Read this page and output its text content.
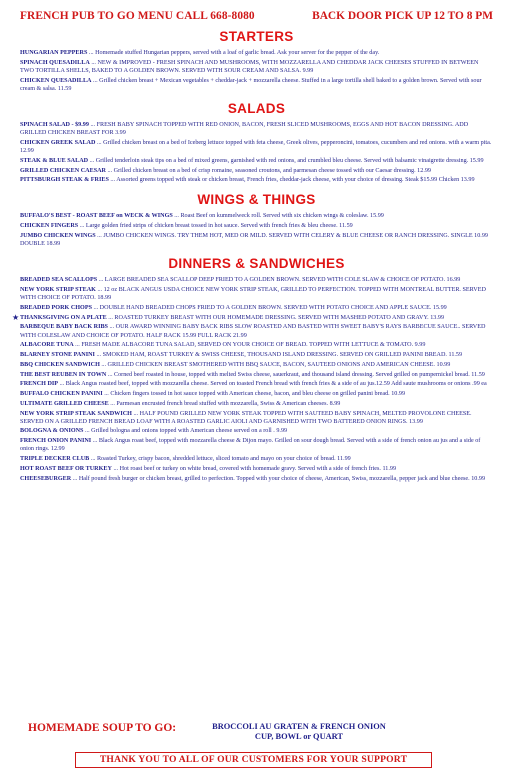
FRENCH PUB TO GO MENU CALL 668-8080	BACK DOOR PICK UP 12 TO 8 PM
STARTERS
HUNGARIAN PEPPERS ... Homemade stuffed Hungarian peppers, served with a loaf of garlic bread. Ask your server for the pepper of the day.
SPINACH QUESADILLA ... NEW & IMPROVED - FRESH SPINACH AND MUSHROOMS, WITH MOZZARELLA AND CHEDDAR JACK CHEESES STUFFED IN BETWEEN TWO TORTILLA SHELLS, BAKED TO A GOLDEN BROWN. SERVED WITH SOUR CREAM AND SALSA. 9.99
CHICKEN QUESADILLA ... Grilled chicken breast + Mexican vegetables + cheddar-jack + mozzarella cheese. Stuffed in a large tortilla shell baked to a golden brown. Served with sour cream & salsa. 11.59
SALADS
SPINACH SALAD - $9.99 ... FRESH BABY SPINACH TOPPED WITH RED ONION, BACON, FRESH SLICED MUSHROOMS, EGGS AND HOT BACON DRESSING. ADD GRILLED CHICKEN BREAST FOR 3.99
CHICKEN GREEK SALAD ... Grilled chicken breast on a bed of Iceberg lettuce topped with feta cheese, Greek olives, pepperoncini, tomatoes, cucumbers and red onions. with a warm pita. 12.99
STEAK & BLUE SALAD ... Grilled tenderloin steak tips on a bed of mixed greens, garnished with red onions, and crumbled bleu cheese. Served with balsamic vinaigrette dressing. 15.99
GRILLED CHICKEN CAESAR ... Grilled chicken breast on a bed of crisp romaine, seasoned croutons, and parmesan cheese tossed with our Caesar dressing. 12.99
PITTSBURGH STEAK & FRIES ... Assorted greens topped with steak or chicken breast, French fries, cheddar-jack cheese, with your choice of dressing. Steak $15.99 Chicken 13.99
WINGS & THINGS
BUFFALO'S BEST - ROAST BEEF on WECK & WINGS ... Roast Beef on kummelweck roll. Served with six chicken wings & coleslaw. 15.99
CHICKEN FINGERS ... Large golden fried strips of chicken breast tossed in hot sauce. Served with french fries & bleu cheese. 11.59
JUMBO CHICKEN WINGS ... JUMBO CHICKEN WINGS. TRY THEM HOT, MED OR MILD. SERVED WITH CELERY & BLUE CHEESE OR RANCH DRESSING. SINGLE 10.99 DOUBLE 18.99
DINNERS & SANDWICHES
BREADED SEA SCALLOPS ... LARGE BREADED SEA SCALLOP DEEP FRIED TO A GOLDEN BROWN. SERVED WITH COLE SLAW & CHOICE OF POTATO. 16.99
NEW YORK STRIP STEAK ... 12 oz BLACK ANGUS USDA CHOICE NEW YORK STRIP STEAK, GRILLED TO PERFECTION. TOPPED WITH MONTREAL BUTTER. SERVED WITH CHOICE OF POTATO. 18.99
BREADED PORK CHOPS ... DOUBLE HAND BREADED CHOPS FRIED TO A GOLDEN BROWN. SERVED WITH POTATO CHOICE AND APPLE SAUCE. 15.99
★ THANKSGIVING ON A PLATE ... ROASTED TURKEY BREAST WITH OUR HOMEMADE DRESSING. SERVED WITH MASHED POTATO AND GRAVY. 13.99
BARBEQUE BABY BACK RIBS ... OUR AWARD WINNING BABY BACK RIBS SLOW ROASTED AND BASTED WITH SWEET BABY'S RAYS BARBECUE SAUCE.. SERVED WITH COLESLAW AND CHOICE OF POTATO. HALF RACK 15.99 FULL RACK 21.99
ALBACORE TUNA ... FRESH MADE ALBACORE TUNA SALAD, SERVED ON YOUR CHOICE OF BREAD. TOPPED WITH LETTUCE & TOMATO. 9.99
BLARNEY STONE PANINI ... SMOKED HAM, ROAST TURKEY & SWISS CHEESE, THOUSAND ISLAND DRESSING. SERVED ON GRILLED PANINI BREAD. 11.59
BBQ CHICKEN SANDWICH ... GRILLED CHICKEN BREAST SMOTHERED WITH BBQ SAUCE, BACON, SAUTEED ONIONS AND AMERICAN CHEESE. 10.99
THE BEST REUBEN IN TOWN ... Corned beef roasted in house, topped with melted Swiss cheese, sauerkraut, and thousand island dressing. Served grilled on pumpernickel bread. 11.59
FRENCH DIP ... Black Angus roasted beef, topped with mozzarella cheese. Served on toasted French bread with french fries & a side of au jus.12.59 Add saute mushrooms or onions .99 ea
BUFFALO CHICKEN PANINI ... Chicken fingers tossed in hot sauce topped with American cheese, bacon, and bleu cheese on grilled panini bread. 10.99
ULTIMATE GRILLED CHEESE ... Parmesan encrusted french bread stuffed with mozzarella, Swiss & American cheeses. 8.99
NEW YORK STRIP STEAK SANDWICH ... HALF POUND GRILLED NEW YORK STEAK TOPPED WITH SAUTEED BABY SPINACH, MELTED PROVOLONE CHEESE. SERVED ON A GRILLED FRENCH BREAD LOAF WITH A ROASTED GARLIC AIOLI AND GARNISHED WITH TWO BATTERED ONION RINGS. 13.99
BOLOGNA & ONIONS ... Grilled bologna and onions topped with American cheese served on a roll . 9.99
FRENCH ONION PANINI ... Black Angus roast beef, topped with mozzarella cheese & Dijon mayo. Grilled on sour dough bread. Served with a side of french onion au jus and a side of onion rings. 12.99
TRIPLE DECKER CLUB ... Roasted Turkey, crispy bacon, shredded lettuce, sliced tomato and mayo on your choice of bread. 11.99
HOT ROAST BEEF OR TURKEY ... Hot roast beef or turkey on white bread, covered with homemade gravy. Served with a side of french fries. 11.99
CHEESEBURGER ... Half pound fresh burger or chicken breast, grilled to perfection. Topped with your choice of cheese, American, Swiss, mozzarella, pepper jack and blue cheese. 10.99
HOMEMADE SOUP TO GO:	BROCCOLI AU GRATEN & FRENCH ONION
CUP, BOWL or QUART
THANK YOU TO ALL OF OUR CUSTOMERS FOR YOUR SUPPORT
